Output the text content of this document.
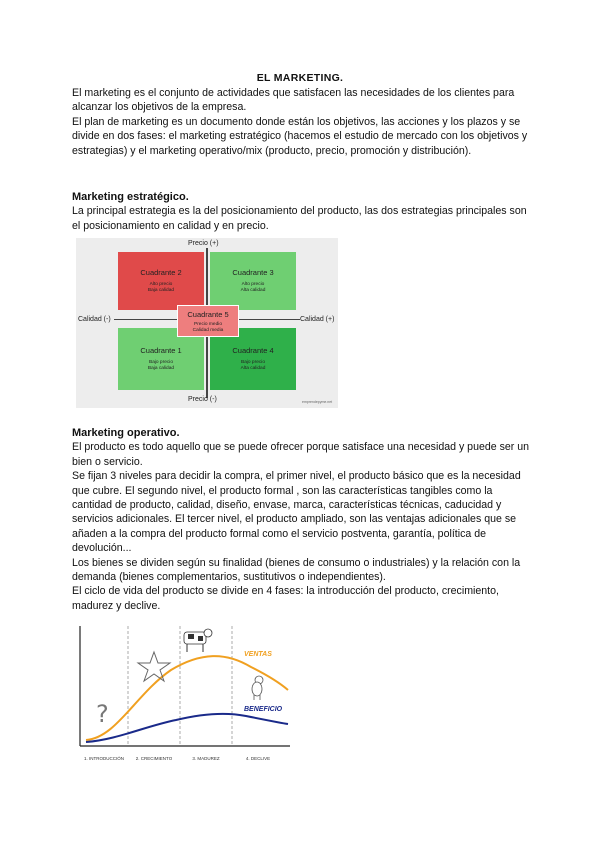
EL MARKETING.

El marketing es el conjunto de actividades que satisfacen las necesidades de los clientes para alcanzar los objetivos de la empresa.

El plan de marketing es un documento donde están los objetivos, las acciones y los plazos y se divide en dos fases: el marketing estratégico (hacemos el estudio de mercado con los objetivos y estrategias) y el marketing operativo/mix (producto, precio, promoción y distribución).

Marketing estratégico.

La principal estrategia es la del posicionamiento del producto, las dos estrategias principales son el posicionamiento en calidad y en precio.

Cuadrante 2
Alto precio
Baja calidad
Cuadrante 3
Alto precio
Alta calidad
Cuadrante 1
Bajo precio
Baja calidad
Cuadrante 4
Bajo precio
Alta calidad
Cuadrante 5
Precio medio
Calidad media
Precio (+)
Precio (-)
Calidad (-)	Calidad (+)
emprendepyme.net

Marketing operativo.

El producto es todo aquello que se puede ofrecer porque satisface una necesidad y puede ser un bien o servicio.

Se fijan 3 niveles para decidir la compra, el primer nivel, el producto básico que es la necesidad que cubre. El segundo nivel, el producto formal , son las características tangibles como la cantidad de producto, calidad, diseño, envase, marca, características técnicas, caducidad y servicios adicionales. El tercer nivel, el producto ampliado, son las ventajas adicionales que se añaden a la compra del producto formal como el servicio postventa, garantía, política de devolución...

Los bienes se dividen según su finalidad (bienes de consumo o industriales) y la relación con la demanda (bienes complementarios, sustitutivos o independientes).

El ciclo de vida del producto se divide en 4 fases: la introducción del producto, crecimiento, madurez y declive.

VENTAS
BENEFICIO
?
1. INTRODUCCIÓN	2. CRECIMIENTO	3. MADUREZ	4. DECLIVE
